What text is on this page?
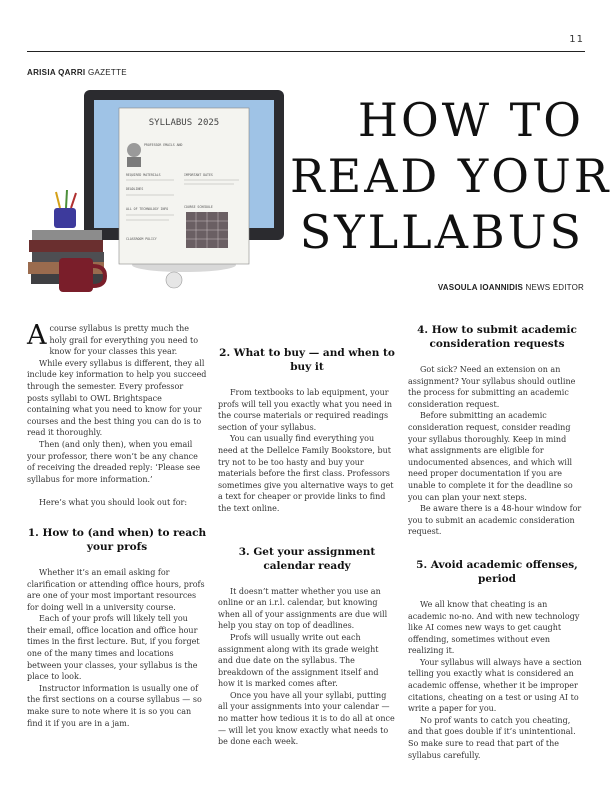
11
ARISIA QARRI GAZETTE
SYLLABUS 2025
PROFESSOR EMAILS AND
REQUIRED MATERIALS	IMPORTANT DATES
DEADLINES
ALL OF TECHNOLOGY INFO	COURSE SCHEDULE
CLASSROOM POLICY
HOW TO
READ YOUR
SYLLABUS
VASOULA IOANNIDIS NEWS EDITOR

Acourse syllabus is pretty much the holy grail for everything you need to know for your classes this year.

While every syllabus is different, they all include key information to help you succeed through the semester. Every professor posts syllabi to OWL Brightspace containing what you need to know for your courses and the best thing you can do is to read it thoroughly.

Then (and only then), when you email your professor, there won’t be any chance of receiving the dreaded reply: ‘Please see syllabus for more information.’

Here’s what you should look out for:

1. How to (and when) to reach your profs

Whether it’s an email asking for clarification or attending office hours, profs are one of your most important resources for doing well in a university course.

Each of your profs will likely tell you their email, office location and office hour times in the first lecture. But, if you forget one of the many times and locations between your classes, your syllabus is the place to look.

Instructor information is usually one of the first sections on a course syllabus — so make sure to note where it is so you can find it if you are in a jam.

2. What to buy — and when to buy it

From textbooks to lab equipment, your profs will tell you exactly what you need in the course materials or required readings section of your syllabus.

You can usually find everything you need at the Dellelce Family Bookstore, but try not to be too hasty and buy your materials before the first class. Professors sometimes give you alternative ways to get a text for cheaper or provide links to find the text online.

3. Get your assignment calendar ready

It doesn’t matter whether you use an online or an i.r.l. calendar, but knowing when all of your assignments are due will help you stay on top of deadlines.

Profs will usually write out each assignment along with its grade weight and due date on the syllabus. The breakdown of the assignment itself and how it is marked comes after.

Once you have all your syllabi, putting all your assignments into your calendar — no matter how tedious it is to do all at once — will let you know exactly what needs to be done each week.

4. How to submit academic consideration requests

Got sick? Need an extension on an assignment? Your syllabus should outline the process for submitting an academic consideration request.

Before submitting an academic consideration request, consider reading your syllabus thoroughly. Keep in mind what assignments are eligible for undocumented absences, and which will need proper documentation if you are unable to complete it for the deadline so you can plan your next steps.

Be aware there is a 48-hour window for you to submit an academic consideration request.

5. Avoid academic offenses, period

We all know that cheating is an academic no-no. And with new technology like AI comes new ways to get caught offending, sometimes without even realizing it.

Your syllabus will always have a section telling you exactly what is considered an academic offense, whether it be improper citations, cheating on a test or using AI to write a paper for you.

No prof wants to catch you cheating, and that goes double if it’s unintentional. So make sure to read that part of the syllabus carefully.
